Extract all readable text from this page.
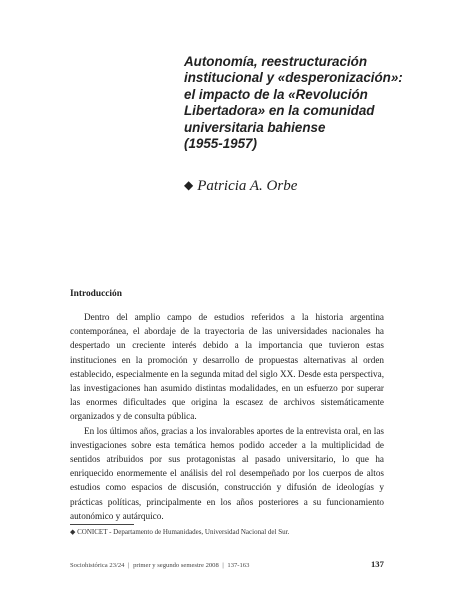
Autonomía, reestructuración
institucional y «desperonización»:
el impacto de la «Revolución
Libertadora» en la comunidad
universitaria bahiense
(1955-1957)
◆ Patricia A. Orbe
Introducción

Dentro del amplio campo de estudios referidos a la historia argentina contemporánea, el abordaje de la trayectoria de las universidades nacionales ha despertado un creciente interés debido a la importancia que tuvieron estas instituciones en la promoción y desarrollo de propuestas alternativas al orden establecido, especialmente en la segunda mitad del siglo XX. Desde esta perspectiva, las investigaciones han asumido distintas modalidades, en un esfuerzo por superar las enormes dificultades que origina la escasez de archivos sistemáticamente organizados y de consulta pública.

En los últimos años, gracias a los invalorables aportes de la entrevista oral, en las investigaciones sobre esta temática hemos podido acceder a la multiplicidad de sentidos atribuidos por sus protagonistas al pasado universitario, lo que ha enriquecido enormemente el análisis del rol desempeñado por los cuerpos de altos estudios como espacios de discusión, construcción y difusión de ideologías y prácticas políticas, principalmente en los años posteriores a su funcionamiento autonómico y autárquico.

◆ CONICET - Departamento de Humanidades, Universidad Nacional del Sur.
Sociohistórica 23/24 | primer y segundo semestre 2008 | 137-163	137
